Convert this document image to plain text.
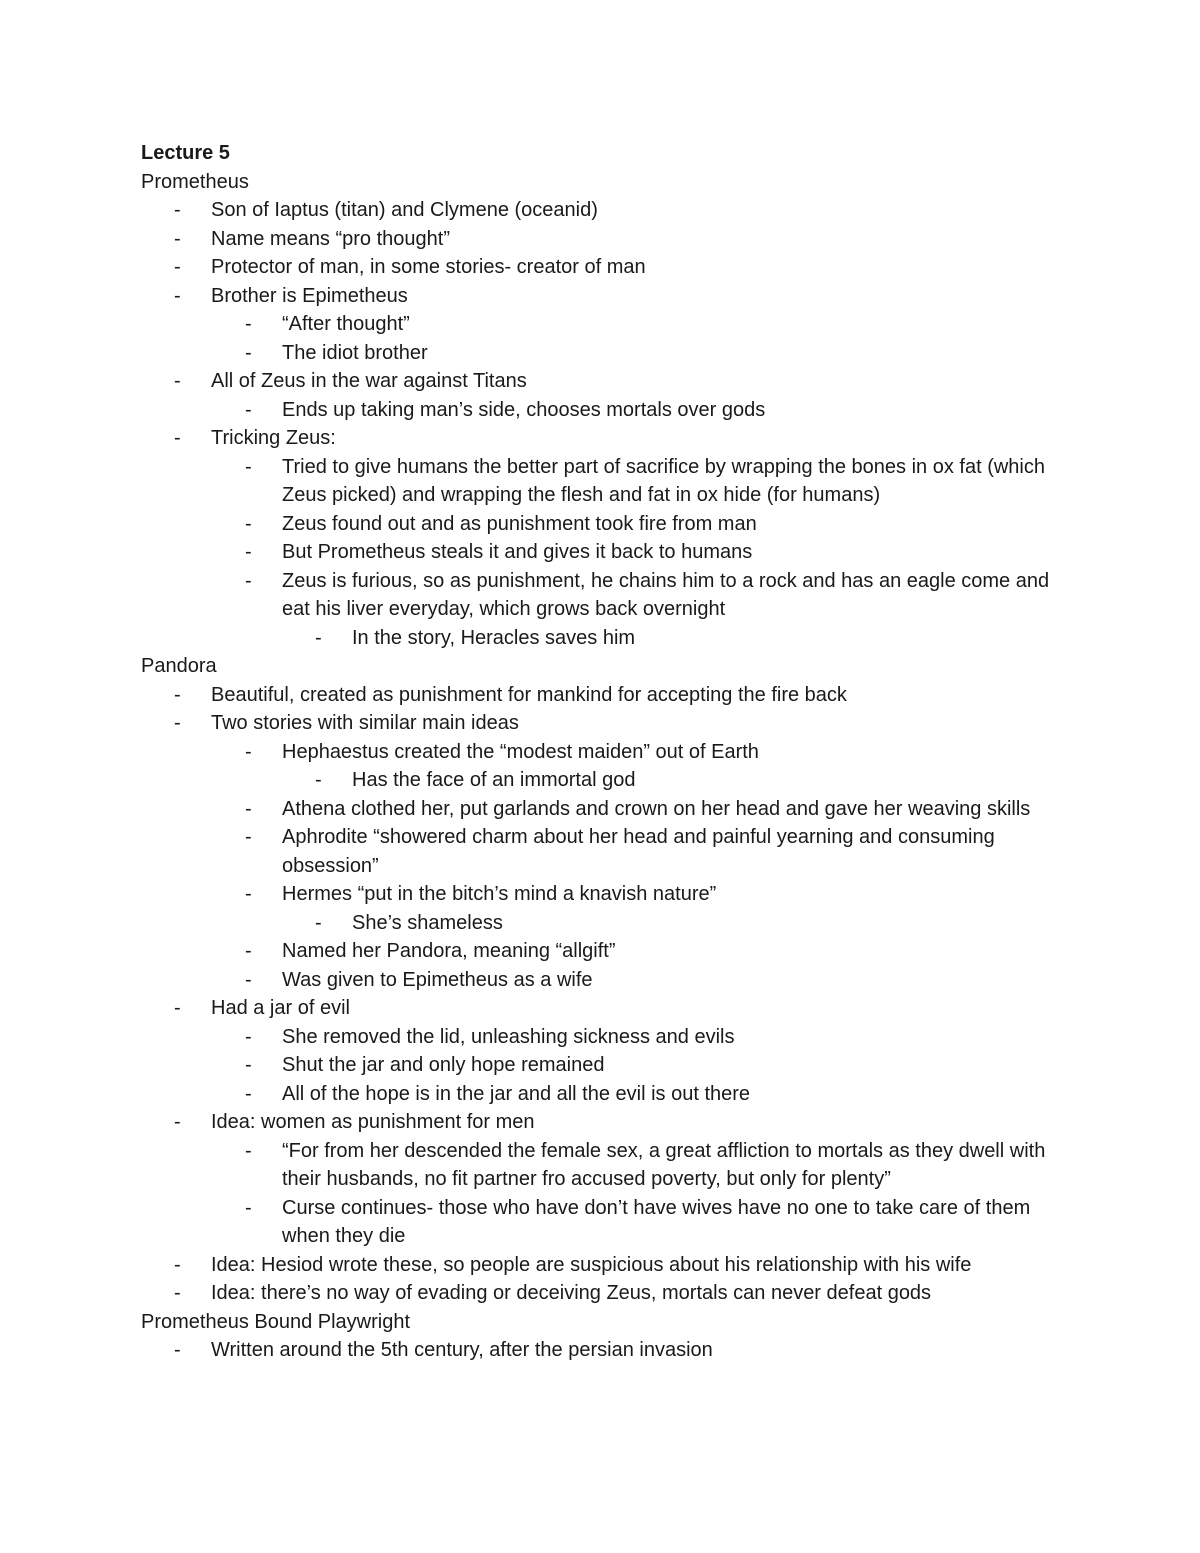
Lecture 5
Prometheus
-	Son of Iaptus (titan) and Clymene (oceanid)
-	Name means “pro thought”
-	Protector of man, in some stories- creator of man
-	Brother is Epimetheus
-	“After thought”
-	The idiot brother
-	All of Zeus in the war against Titans
-	Ends up taking man’s side, chooses mortals over gods
-	Tricking Zeus:
-	Tried to give humans the better part of sacrifice by wrapping the bones in ox fat (which Zeus picked) and wrapping the flesh and fat in ox hide (for humans)
-	Zeus found out and as punishment took fire from man
-	But Prometheus steals it and gives it back to humans
-	Zeus is furious, so as punishment, he chains him to a rock and has an eagle come and eat his liver everyday, which grows back overnight
-	In the story, Heracles saves him
Pandora
-	Beautiful, created as punishment for mankind for accepting the fire back
-	Two stories with similar main ideas
-	Hephaestus created the “modest maiden” out of Earth
-	Has the face of an immortal god
-	Athena clothed her, put garlands and crown on her head and gave her weaving skills
-	Aphrodite “showered charm about her head and painful yearning and consuming obsession”
-	Hermes “put in the bitch’s mind a knavish nature”
-	She’s shameless
-	Named her Pandora, meaning “allgift”
-	Was given to Epimetheus as a wife
-	Had a jar of evil
-	She removed the lid, unleashing sickness and evils
-	Shut the jar and only hope remained
-	All of the hope is in the jar and all the evil is out there
-	Idea: women as punishment for men
-	“For from her descended the female sex, a great affliction to mortals as they dwell with their husbands, no fit partner fro accused poverty, but only for plenty”
-	Curse continues- those who have don’t have wives have no one to take care of them when they die
-	Idea: Hesiod wrote these, so people are suspicious about his relationship with his wife
-	Idea: there’s no way of evading or deceiving Zeus, mortals can never defeat gods
Prometheus Bound Playwright
-	Written around the 5th century, after the persian invasion
